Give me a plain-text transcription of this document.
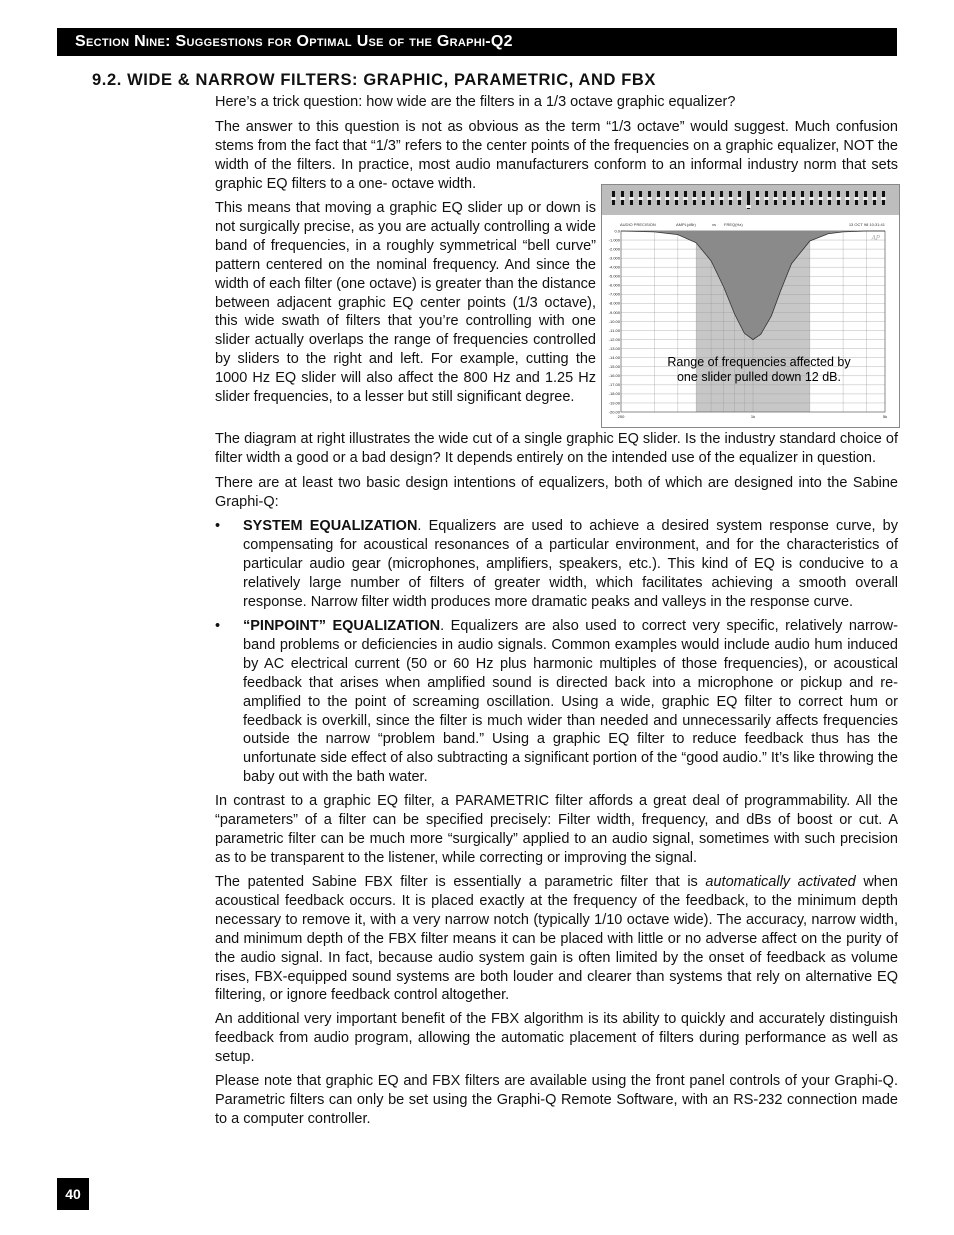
Section Nine: Suggestions for Optimal Use of the Graphi-Q2
9.2. WIDE & NARROW FILTERS: GRAPHIC, PARAMETRIC, AND FBX

Here’s a trick question: how wide are the filters in a 1/3 octave graphic equalizer?

The answer to this question is not as obvious as the term “1/3 octave” would suggest. Much confusion stems from the fact that “1/3” refers to the center points of the frequencies on a graphic equalizer, NOT the width of the filters. In practice, most audio manufacturers conform to an informal industry norm that sets graphic EQ filters to a one- octave width.

This means that moving a graphic EQ slider up or down is not surgically precise, as you are actually controlling a wide band of frequencies, in a roughly symmetrical “bell curve” pattern centered on the nominal frequency. And since the width of each filter (one octave) is greater than the distance between adjacent graphic EQ center points (1/3 octave), this wide swath of filters that you’re controlling with one slider actually overlaps the range of frequencies controlled by sliders to the right and left. For example, cutting the 1000 Hz EQ slider will also affect the 800 Hz and 1.25 Hz slider frequencies, to a lesser but still significant degree.

AUDIO PRECISION	AMPL(dBr)	vs FREQ(Hz)	13 OCT 98 10:31:41
0.0
-1.000
-2.000
-3.000
-4.000
-5.000
-6.000
-7.000
-8.000
-9.000
-10.00
-11.00
-12.00
-13.00
-14.00
-15.00
-16.00
-17.00
-18.00
-19.00
-20.00
200	1k	5k
AP
Range of frequencies affected by
one slider pulled down 12 dB.

The diagram at right illustrates the wide cut of a single graphic EQ slider. Is the industry standard choice of filter width a good or a bad design? It depends entirely on the intended use of the equalizer in question.

There are at least two basic design intentions of equalizers, both of which are designed into the Sabine Graphi-Q:

• SYSTEM EQUALIZATION. Equalizers are used to achieve a desired system response curve, by compensating for acoustical resonances of a particular environment, and for the characteristics of particular audio gear (microphones, amplifiers, speakers, etc.). This kind of EQ is conducive to a relatively large number of filters of greater width, which facilitates achieving a smooth overall response. Narrow filter width produces more dramatic peaks and valleys in the response curve.

• “PINPOINT” EQUALIZATION. Equalizers are also used to correct very specific, relatively narrow-band problems or deficiencies in audio signals. Common examples would include audio hum induced by AC electrical current (50 or 60 Hz plus harmonic multiples of those frequencies), or acoustical feedback that arises when amplified sound is directed back into a microphone or pickup and re-amplified to the point of screaming oscillation. Using a wide, graphic EQ filter to correct hum or feedback is overkill, since the filter is much wider than needed and unnecessarily affects frequencies outside the narrow “problem band.” Using a graphic EQ filter to reduce feedback thus has the unfortunate side effect of also subtracting a significant portion of the “good audio.” It’s like throwing the baby out with the bath water.

In contrast to a graphic EQ filter, a PARAMETRIC filter affords a great deal of programmability. All the “parameters” of a filter can be specified precisely: Filter width, frequency, and dBs of boost or cut. A parametric filter can be much more “surgically” applied to an audio signal, sometimes with such precision as to be transparent to the listener, while correcting or improving the signal.

The patented Sabine FBX filter is essentially a parametric filter that is automatically activated when acoustical feedback occurs. It is placed exactly at the frequency of the feedback, to the minimum depth necessary to remove it, with a very narrow notch (typically 1/10 octave wide). The accuracy, narrow width, and minimum depth of the FBX filter means it can be placed with little or no adverse affect on the purity of the audio signal. In fact, because audio system gain is often limited by the onset of feedback as volume rises, FBX-equipped sound systems are both louder and clearer than systems that rely on alternative EQ filtering, or ignore feedback control altogether.

An additional very important benefit of the FBX algorithm is its ability to quickly and accurately distinguish feedback from audio program, allowing the automatic placement of filters during performance as well as setup.

Please note that graphic EQ and FBX filters are available using the front panel controls of your Graphi-Q. Parametric filters can only be set using the Graphi-Q Remote Software, with an RS-232 connection made to a computer controller.

40
